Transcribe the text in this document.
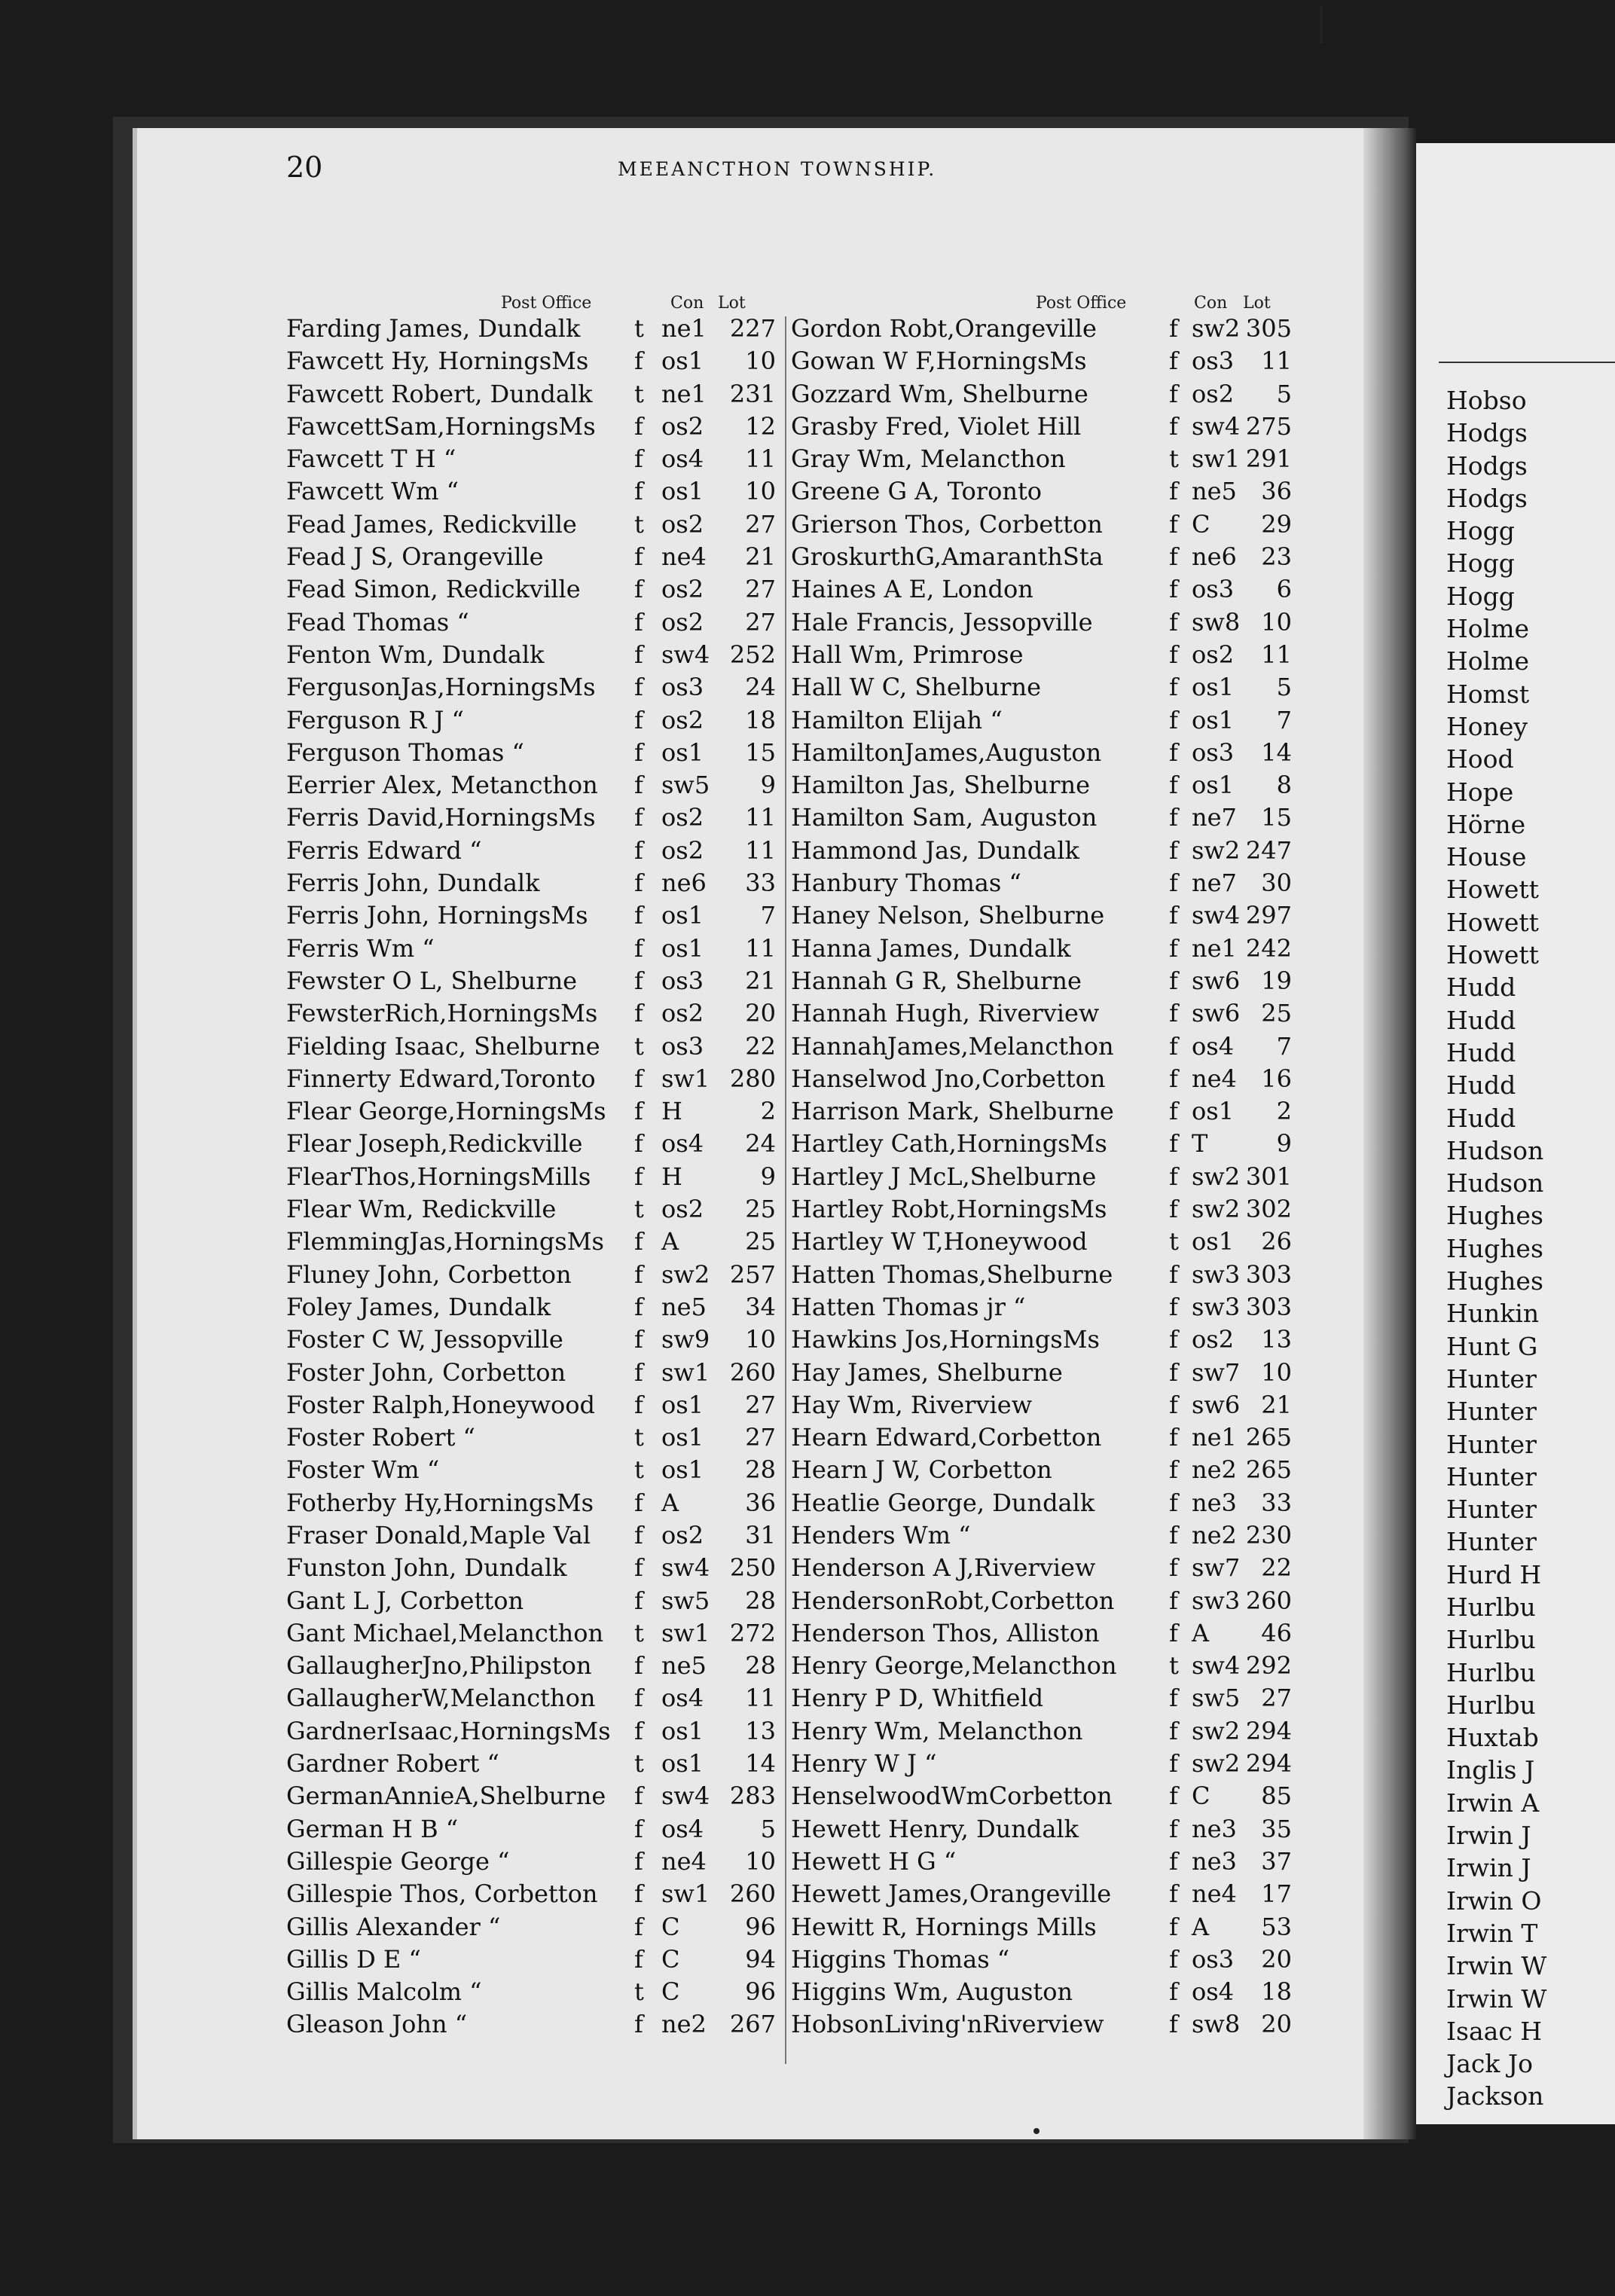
Hobso
Hodgs
Hodgs
Hodgs
Hogg
Hogg
Hogg
Holme
Holme
Homst
Honey
Hood
Hope
Hörne
House
Howett
Howett
Howett
Hudd
Hudd
Hudd
Hudd
Hudd
Hudson
Hudson
Hughes
Hughes
Hughes
Hunkin
Hunt G
Hunter
Hunter
Hunter
Hunter
Hunter
Hunter
Hurd H
Hurlbu
Hurlbu
Hurlbu
Hurlbu
Huxtab
Inglis J
Irwin A
Irwin J
Irwin J
Irwin O
Irwin T
Irwin W
Irwin W
Isaac H
Jack Jo
Jackson
20	MEEANCTHON TOWNSHIP.
Post Office	Con Lot
Farding James, Dundalk t ne1 227
Fawcett Hy, HorningsMs f os1 10
Fawcett Robert, Dundalk t ne1 231
FawcettSam,HorningsMs f os2 12
Fawcett T H “	f os4 11
Fawcett Wm “	f os1 10
Fead James, Redickville t os2 27
Fead J S, Orangeville	f ne4 21
Fead Simon, Redickville f os2 27
Fead Thomas “	f os2 27
Fenton Wm, Dundalk	f sw4 252
FergusonJas,HorningsMs f os3 24
Ferguson R J “	f os2 18
Ferguson Thomas “	f os1 15
Eerrier Alex, Metancthon f sw5 9
Ferris David,HorningsMs f os2 11
Ferris Edward “	f os2 11
Ferris John, Dundalk	f ne6 33
Ferris John, HorningsMs f os1 7
Ferris Wm “	f os1 11
Fewster O L, Shelburne f os3 21
FewsterRich,HorningsMs f os2 20
Fielding Isaac, Shelburne t os3 22
Finnerty Edward,Toronto f sw1 280
Flear George,HorningsMs f H	2
Flear Joseph,Redickville f os4 24
FlearThos,HorningsMills f H	9
Flear Wm, Redickville	t os2 25
FlemmingJas,HorningsMs f A	25
Fluney John, Corbetton	f sw2 257
Foley James, Dundalk	f ne5 34
Foster C W, Jessopville	f sw9 10
Foster John, Corbetton	f sw1 260
Foster Ralph,Honeywood f os1 27
Foster Robert “	t os1 27
Foster Wm “	t os1 28
Fotherby Hy,HorningsMs f A	36
Fraser Donald,Maple Val f os2 31
Funston John, Dundalk	f sw4 250
Gant L J, Corbetton	f sw5 28
Gant Michael,Melancthon t sw1 272
GallaugherJno,Philipston f ne5 28
GallaugherW,Melancthon f os4 11
GardnerIsaac,HorningsMs f os1 13
Gardner Robert “	t os1 14
GermanAnnieA,Shelburne f sw4 283
German H B “	f os4 5
Gillespie George “	f ne4 10
Gillespie Thos, Corbetton f sw1 260
Gillis Alexander “	f C	96
Gillis D E “	f C	94
Gillis Malcolm “	t C	96
Gleason John “	f ne2 267
Post Office	Con Lot
Gordon Robt,Orangeville	f sw2 305
Gowan W F,HorningsMs	f os3 11
Gozzard Wm, Shelburne	f os2 5
Grasby Fred, Violet Hill	f sw4 275
Gray Wm, Melancthon	t sw1 291
Greene G A, Toronto	f ne5 36
Grierson Thos, Corbetton	f C 29
GroskurthG,AmaranthSta	f ne6 23
Haines A E, London	f os3 6
Hale Francis, Jessopville	f sw8 10
Hall Wm, Primrose	f os2 11
Hall W C, Shelburne	f os1 5
Hamilton Elijah “	f os1 7
HamiltonJames,Auguston	f os3 14
Hamilton Jas, Shelburne	f os1 8
Hamilton Sam, Auguston	f ne7 15
Hammond Jas, Dundalk	f sw2 247
Hanbury Thomas “	f ne7 30
Haney Nelson, Shelburne	f sw4 297
Hanna James, Dundalk	f ne1 242
Hannah G R, Shelburne	f sw6 19
Hannah Hugh, Riverview	f sw6 25
HannahJames,Melancthon f os4 7
Hanselwod Jno,Corbetton	f ne4 16
Harrison Mark, Shelburne f os1 2
Hartley Cath,HorningsMs	f T	9
Hartley J McL,Shelburne	f sw2 301
Hartley Robt,HorningsMs	f sw2 302
Hartley W T,Honeywood	t os1 26
Hatten Thomas,Shelburne f sw3 303
Hatten Thomas jr “	f sw3 303
Hawkins Jos,HorningsMs	f os2 13
Hay James, Shelburne	f sw7 10
Hay Wm, Riverview	f sw6 21
Hearn Edward,Corbetton	f ne1 265
Hearn J W, Corbetton	f ne2 265
Heatlie George, Dundalk	f ne3 33
Henders Wm “	f ne2 230
Henderson A J,Riverview	f sw7 22
HendersonRobt,Corbetton f sw3 260
Henderson Thos, Alliston	f A 46
Henry George,Melancthon t sw4 292
Henry P D, Whitfield	f sw5 27
Henry Wm, Melancthon	f sw2 294
Henry W J “	f sw2 294
HenselwoodWmCorbetton f C 85
Hewett Henry, Dundalk	f ne3 35
Hewett H G “	f ne3 37
Hewett James,Orangeville f ne4 17
Hewitt R, Hornings Mills	f A 53
Higgins Thomas “	f os3 20
Higgins Wm, Auguston	f os4 18
HobsonLiving'nRiverview	f sw8 20
